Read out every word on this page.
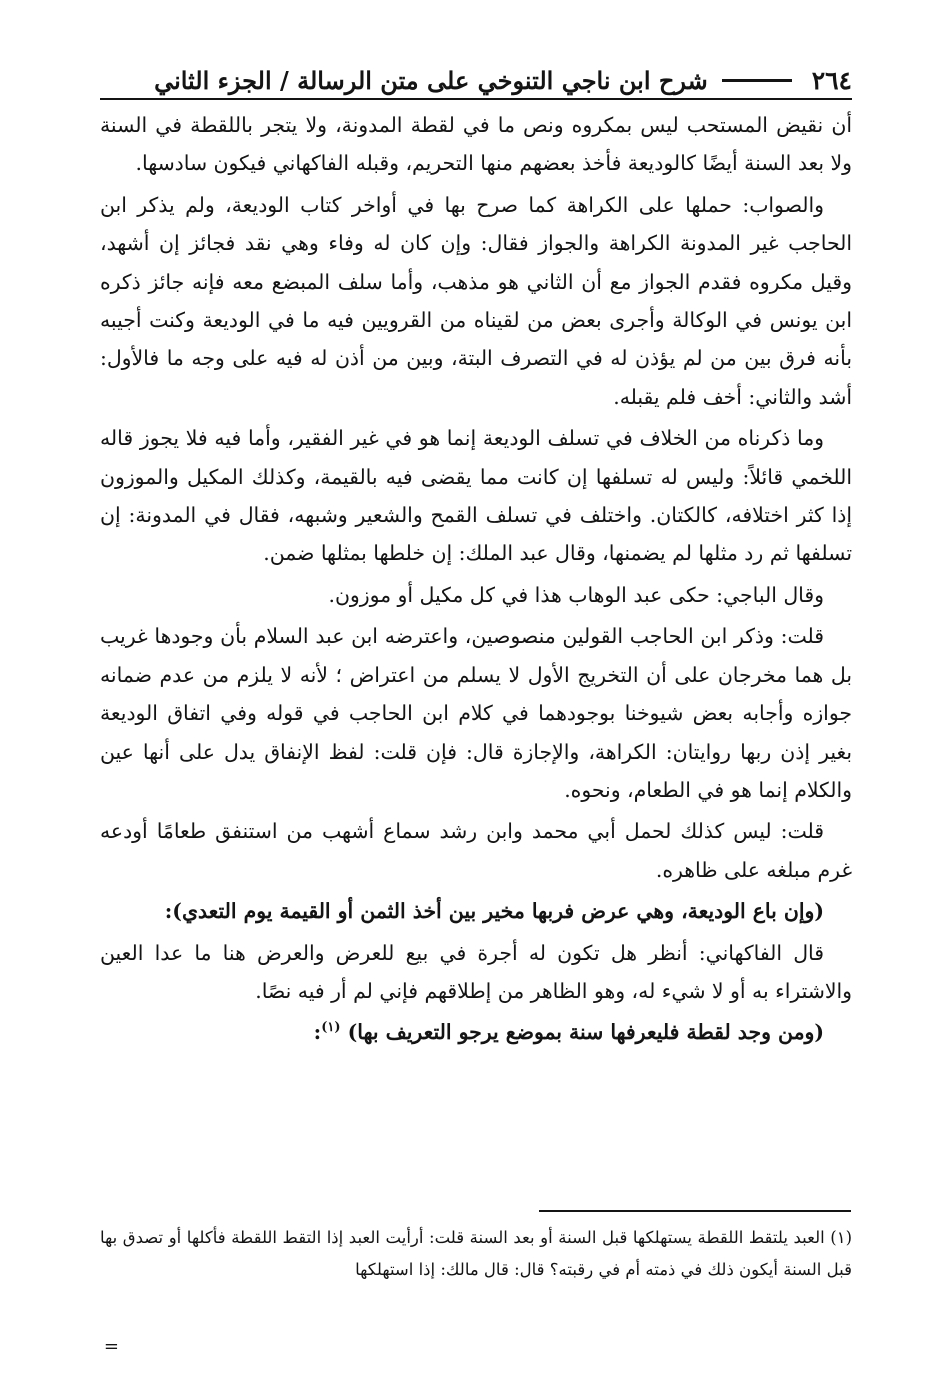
٢٦٤
شرح ابن ناجي التنوخي على متن الرسالة / الجزء الثاني

أن نقيض المستحب ليس بمكروه ونص ما في لقطة المدونة، ولا يتجر باللقطة في السنة ولا بعد السنة أيضًا كالوديعة فأخذ بعضهم منها التحريم، وقبله الفاكهاني فيكون سادسها.

والصواب: حملها على الكراهة كما صرح بها في أواخر كتاب الوديعة، ولم يذكر ابن الحاجب غير المدونة الكراهة والجواز فقال: وإن كان له وفاء وهي نقد فجائز إن أشهد، وقيل مكروه فقدم الجواز مع أن الثاني هو مذهب، وأما سلف المبضع معه فإنه جائز ذكره ابن يونس في الوكالة وأجرى بعض من لقيناه من القرويين فيه ما في الوديعة وكنت أجيبه بأنه فرق بين من لم يؤذن له في التصرف البتة، وبين من أذن له فيه على وجه ما فالأول: أشد والثاني: أخف فلم يقبله.

وما ذكرناه من الخلاف في تسلف الوديعة إنما هو في غير الفقير، وأما فيه فلا يجوز قاله اللخمي قائلاً: وليس له تسلفها إن كانت مما يقضى فيه بالقيمة، وكذلك المكيل والموزون إذا كثر اختلافه، كالكتان. واختلف في تسلف القمح والشعير وشبهه، فقال في المدونة: إن تسلفها ثم رد مثلها لم يضمنها، وقال عبد الملك: إن خلطها بمثلها ضمن.

وقال الباجي: حكى عبد الوهاب هذا في كل مكيل أو موزون.

قلت: وذكر ابن الحاجب القولين منصوصين، واعترضه ابن عبد السلام بأن وجودها غريب بل هما مخرجان على أن التخريج الأول لا يسلم من اعتراض ؛ لأنه لا يلزم من عدم ضمانه جوازه وأجابه بعض شيوخنا بوجودهما في كلام ابن الحاجب في قوله وفي اتفاق الوديعة بغير إذن ربها روايتان: الكراهة، والإجازة قال: فإن قلت: لفظ الإنفاق يدل على أنها عين والكلام إنما هو في الطعام، ونحوه.

قلت: ليس كذلك لحمل أبي محمد وابن رشد سماع أشهب من استنفق طعامًا أودعه غرم مبلغه على ظاهره.

(وإن باع الوديعة، وهي عرض فربها مخير بين أخذ الثمن أو القيمة يوم التعدي):

قال الفاكهاني: أنظر هل تكون له أجرة في بيع للعرض والعرض هنا ما عدا العين والاشتراء به أو لا شيء له، وهو الظاهر من إطلاقهم فإني لم أر فيه نصًا.

(ومن وجد لقطة فليعرفها سنة بموضع يرجو التعريف بها) $^{(١)}$:

(١) العبد يلتقط اللقطة يستهلكها قبل السنة أو بعد السنة قلت: أرأيت العبد إذا التقط اللقطة فأكلها أو تصدق بها قبل السنة أيكون ذلك في ذمته أم في رقبته؟ قال: قال مالك: إذا استهلكها

=
